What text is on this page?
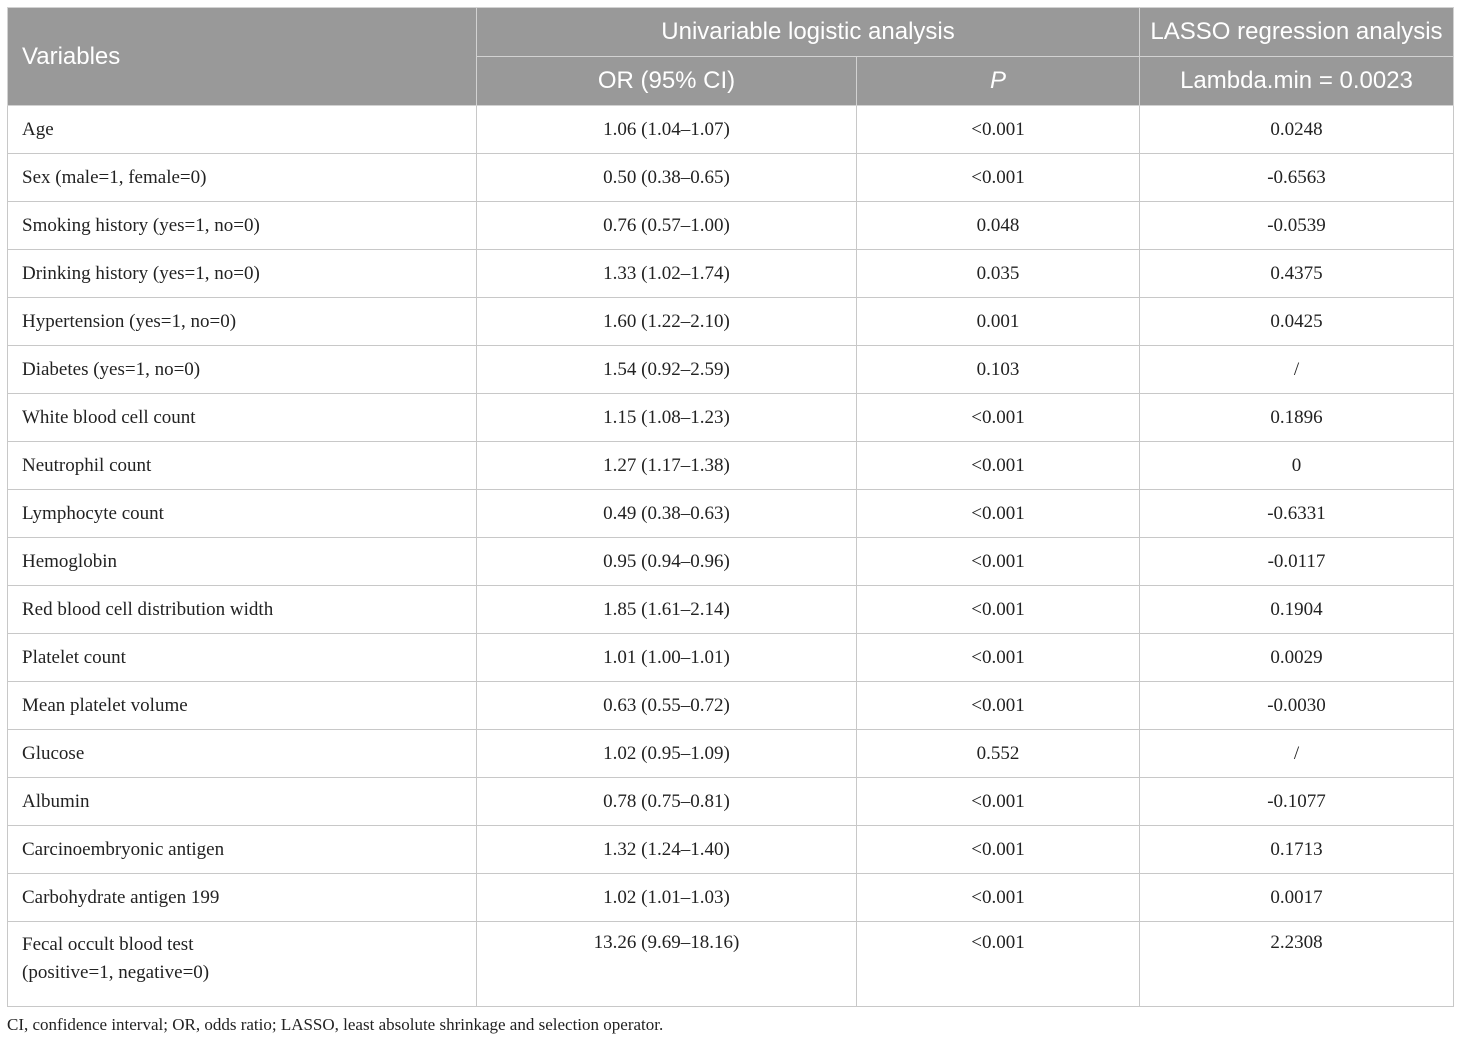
Variables	Univariable logistic analysis		LASSO regression analysis
	OR (95% CI)	P	Lambda.min = 0.0023
Age	1.06 (1.04–1.07)	<0.001	0.0248
Sex (male=1, female=0)	0.50 (0.38–0.65)	<0.001	-0.6563
Smoking history (yes=1, no=0)	0.76 (0.57–1.00)	0.048	-0.0539
Drinking history (yes=1, no=0)	1.33 (1.02–1.74)	0.035	0.4375
Hypertension (yes=1, no=0)	1.60 (1.22–2.10)	0.001	0.0425
Diabetes (yes=1, no=0)	1.54 (0.92–2.59)	0.103	/
White blood cell count	1.15 (1.08–1.23)	<0.001	0.1896
Neutrophil count	1.27 (1.17–1.38)	<0.001	0
Lymphocyte count	0.49 (0.38–0.63)	<0.001	-0.6331
Hemoglobin	0.95 (0.94–0.96)	<0.001	-0.0117
Red blood cell distribution width	1.85 (1.61–2.14)	<0.001	0.1904
Platelet count	1.01 (1.00–1.01)	<0.001	0.0029
Mean platelet volume	0.63 (0.55–0.72)	<0.001	-0.0030
Glucose	1.02 (0.95–1.09)	0.552	/
Albumin	0.78 (0.75–0.81)	<0.001	-0.1077
Carcinoembryonic antigen	1.32 (1.24–1.40)	<0.001	0.1713
Carbohydrate antigen 199	1.02 (1.01–1.03)	<0.001	0.0017
Fecal occult blood test
(positive=1, negative=0)	13.26 (9.69–18.16)	<0.001	2.2308
CI, confidence interval; OR, odds ratio; LASSO, least absolute shrinkage and selection operator.
